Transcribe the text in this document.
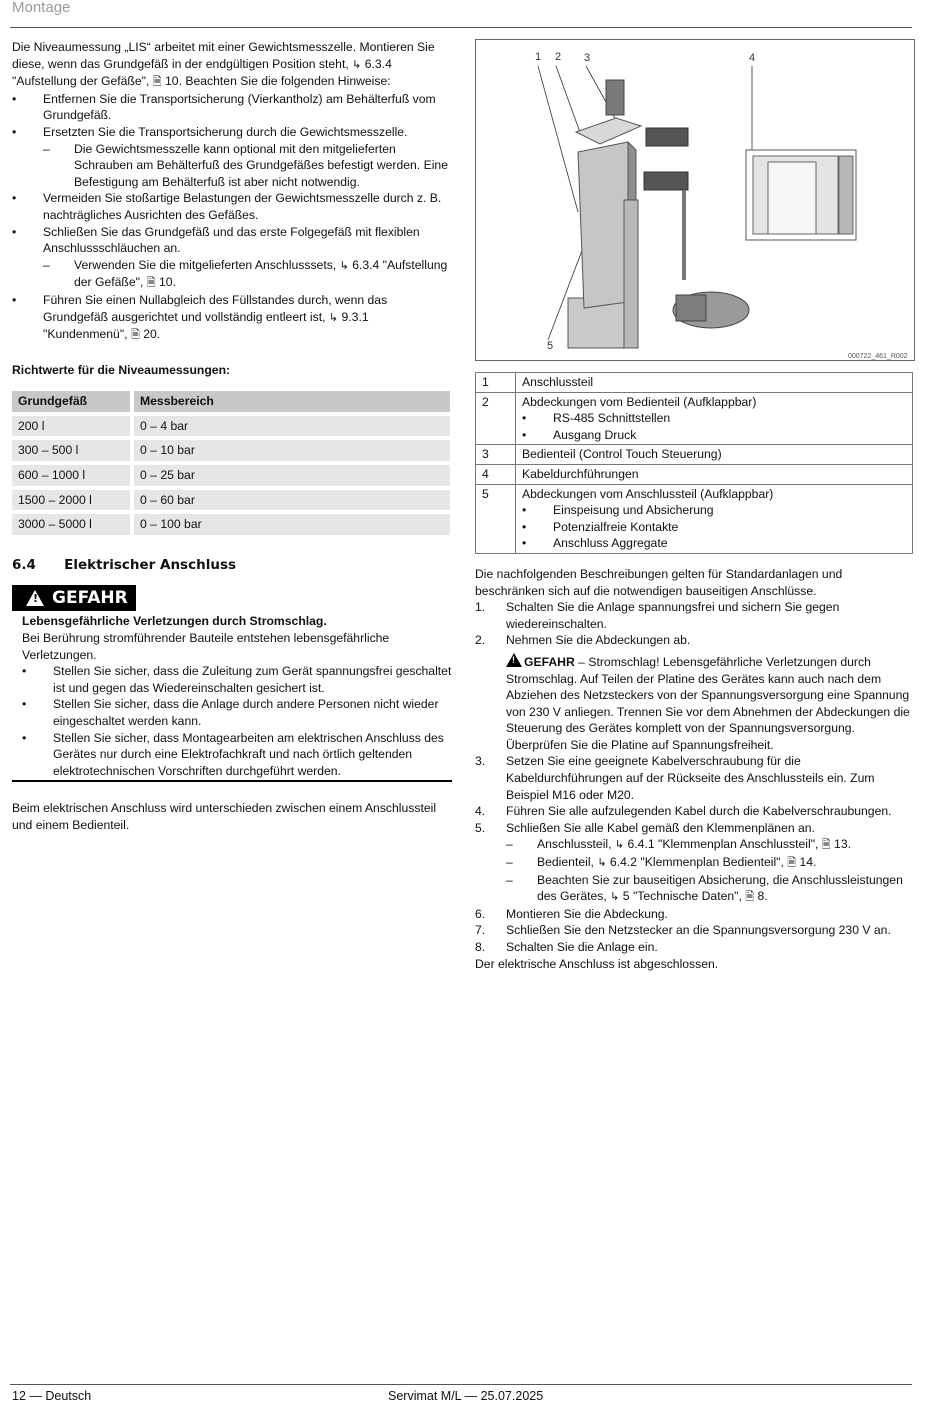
Montage

Die Niveaumessung „LIS“ arbeitet mit einer Gewichtsmesszelle. Montieren Sie diese, wenn das Grundgefäß in der endgültigen Position steht, ↳ 6.3.4 "Aufstellung der Gefäße", 🗎 10. Beachten Sie die folgenden Hinweise:

• Entfernen Sie die Transportsicherung (Vierkantholz) am Behälterfuß vom Grundgefäß.

• Ersetzten Sie die Transportsicherung durch die Gewichtsmesszelle.

– Die Gewichtsmesszelle kann optional mit den mitgelieferten Schrauben am Behälterfuß des Grundgefäßes befestigt werden. Eine Befestigung am Behälterfuß ist aber nicht notwendig.

• Vermeiden Sie stoßartige Belastungen der Gewichtsmesszelle durch z. B. nachträgliches Ausrichten des Gefäßes.

• Schließen Sie das Grundgefäß und das erste Folgegefäß mit flexiblen Anschlussschläuchen an.

– Verwenden Sie die mitgelieferten Anschlusssets, ↳ 6.3.4 "Aufstellung der Gefäße", 🗎 10.

• Führen Sie einen Nullabgleich des Füllstandes durch, wenn das Grundgefäß ausgerichtet und vollständig entleert ist, ↳ 9.3.1 "Kundenmenü", 🗎 20.

Richtwerte für die Niveaumessungen:

Grundgefäß	Messbereich
200 l	0 – 4 bar
300 – 500 l	0 – 10 bar
600 – 1000 l	0 – 25 bar
1500 – 2000 l	0 – 60 bar
3000 – 5000 l	0 – 100 bar

6.4      Elektrischer Anschluss

! GEFAHR

Lebensgefährliche Verletzungen durch Stromschlag.

Bei Berührung stromführender Bauteile entstehen lebensgefährliche Verletzungen.

• Stellen Sie sicher, dass die Zuleitung zum Gerät spannungsfrei geschaltet ist und gegen das Wiedereinschalten gesichert ist.

• Stellen Sie sicher, dass die Anlage durch andere Personen nicht wieder eingeschaltet werden kann.

• Stellen Sie sicher, dass Montagearbeiten am elektrischen Anschluss des Gerätes nur durch eine Elektrofachkraft und nach örtlich geltenden elektrotechnischen Vorschriften durchgeführt werden.

Beim elektrischen Anschluss wird unterschieden zwischen einem Anschlussteil und einem Bedienteil.

1 2 3	4
5
000722_461_R002
1	Anschlussteil

2	Abdeckungen vom Bedienteil (Aufklappbar)

• RS-485 Schnittstellen

• Ausgang Druck

3	Bedienteil (Control Touch Steuerung)

4	Kabeldurchführungen

5	Abdeckungen vom Anschlussteil (Aufklappbar)

• Einspeisung und Absicherung

• Potenzialfreie Kontakte

• Anschluss Aggregate

Die nachfolgenden Beschreibungen gelten für Standardanlagen und beschränken sich auf die notwendigen bauseitigen Anschlüsse.

1. Schalten Sie die Anlage spannungsfrei und sichern Sie gegen wiedereinschalten.

2. Nehmen Sie die Abdeckungen ab.

! GEFAHR – Stromschlag! Lebensgefährliche Verletzungen durch Stromschlag. Auf Teilen der Platine des Gerätes kann auch nach dem Abziehen des Netzsteckers von der Spannungsversorgung eine Spannung von 230 V anliegen. Trennen Sie vor dem Abnehmen der Abdeckungen die Steuerung des Gerätes komplett von der Spannungsversorgung. Überprüfen Sie die Platine auf Spannungsfreiheit.

3. Setzen Sie eine geeignete Kabelverschraubung für die Kabeldurchführungen auf der Rückseite des Anschlussteils ein. Zum Beispiel M16 oder M20.

4. Führen Sie alle aufzulegenden Kabel durch die Kabelverschraubungen.

5. Schließen Sie alle Kabel gemäß den Klemmenplänen an.

– Anschlussteil, ↳ 6.4.1 "Klemmenplan Anschlussteil", 🗎 13.

– Bedienteil, ↳ 6.4.2 "Klemmenplan Bedienteil", 🗎 14.

– Beachten Sie zur bauseitigen Absicherung, die Anschlussleistungen des Gerätes, ↳ 5 "Technische Daten", 🗎 8.

6. Montieren Sie die Abdeckung.

7. Schließen Sie den Netzstecker an die Spannungsversorgung 230 V an.

8. Schalten Sie die Anlage ein.

Der elektrische Anschluss ist abgeschlossen.

12 — Deutsch	Servimat M/L — 25.07.2025
